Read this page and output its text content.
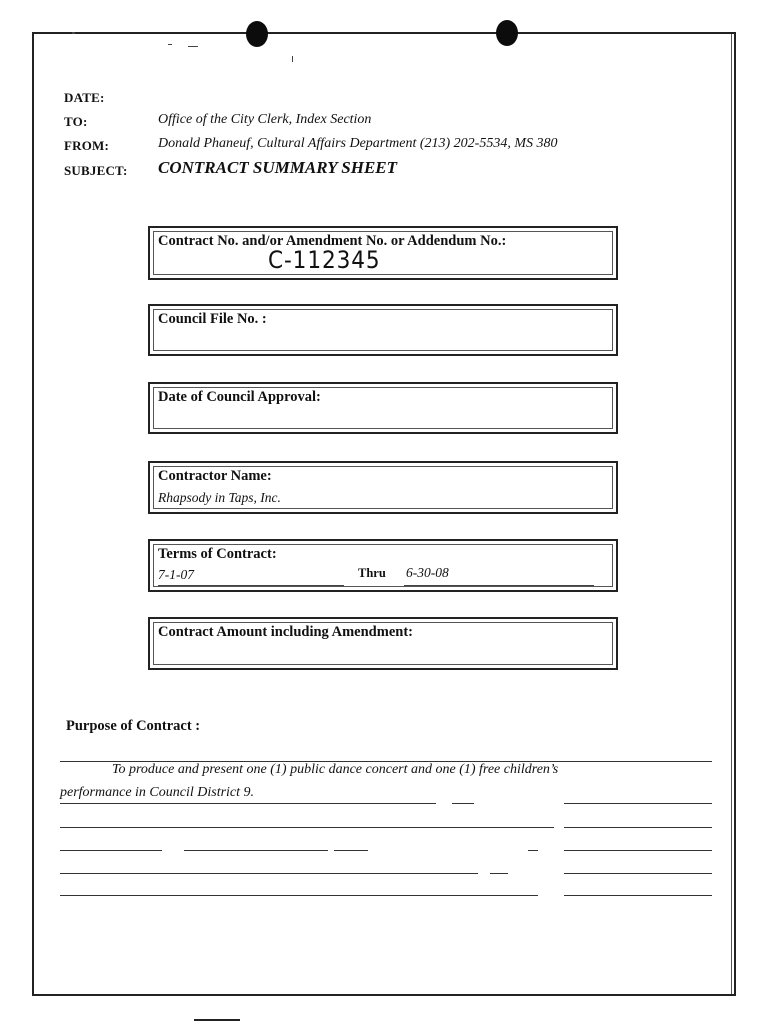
DATE:
TO:	Office of the City Clerk, Index Section
FROM:	Donald Phaneuf, Cultural Affairs Department (213) 202-5534, MS 380
SUBJECT: CONTRACT SUMMARY SHEET
Contract No. and/or Amendment No. or Addendum No.:
C-112345
Council File No. :
Date of Council Approval:
Contractor Name:
Rhapsody in Taps, Inc.
Terms of Contract:
7-1-07	Thru 6-30-08
Contract Amount including Amendment:
Purpose of Contract :
To produce and present one (1) public dance concert and one (1) free children’s
performance in Council District 9.
